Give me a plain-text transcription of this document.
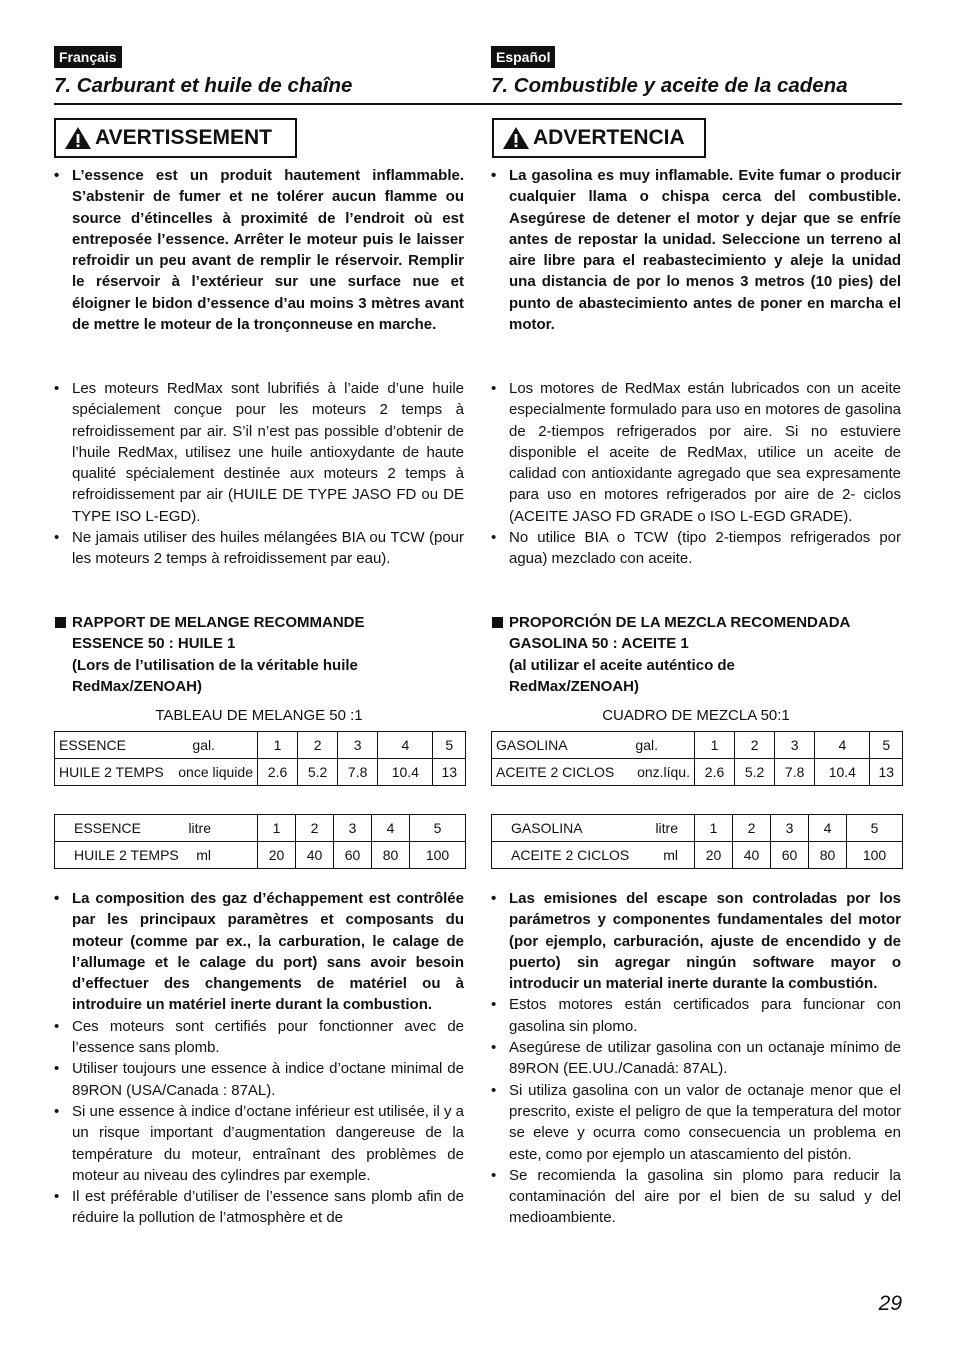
Français
7. Carburant et huile de chaîne
Español
7. Combustible y aceite de la cadena
AVERTISSEMENT	ADVERTENCIA
• L’essence est un produit hautement inflammable. S’abstenir de fumer et ne tolérer aucun flamme ou source d’étincelles à proximité de l’endroit où est entreposée l’essence. Arrêter le moteur puis le laisser refroidir un peu avant de remplir le réservoir. Remplir le réservoir à l’extérieur sur une surface nue et éloigner le bidon d’essence d’au moins 3 mètres avant de mettre le moteur de la tronçonneuse en marche.
• La gasolina es muy inflamable. Evite fumar o producir cualquier llama o chispa cerca del combustible. Asegúrese de detener el motor y dejar que se enfríe antes de repostar la unidad. Seleccione un terreno al aire libre para el reabastecimiento y aleje la unidad una distancia de por lo menos 3 metros (10 pies) del punto de abastecimiento antes de poner en marcha el motor.
• Les moteurs RedMax sont lubrifiés à l’aide d’une huile spécialement conçue pour les moteurs 2 temps à refroidissement par air. S’il n’est pas possible d’obtenir de l’huile RedMax, utilisez une huile antioxydante de haute qualité spécialement destinée aux moteurs 2 temps à refroidissement par air (HUILE DE TYPE JASO FD ou DE TYPE ISO L-EGD).
• Ne jamais utiliser des huiles mélangées BIA ou TCW (pour les moteurs 2 temps à refroidissement par eau).
• Los motores de RedMax están lubricados con un aceite especialmente formulado para uso en motores de gasolina de 2-tiempos refrigerados por aire. Si no estuviere disponible el aceite de RedMax, utilice un aceite de calidad con antioxidante agregado que sea expresamente para uso en motores refrigerados por aire de 2- ciclos (ACEITE JASO FD GRADE o ISO L-EGD GRADE).
• No utilice BIA o TCW (tipo 2-tiempos refrigerados por agua) mezclado con aceite.
RAPPORT DE MELANGE RECOMMANDE
ESSENCE 50 : HUILE 1
(Lors de l’utilisation de la véritable huile
RedMax/ZENOAH)
PROPORCIÓN DE LA MEZCLA RECOMENDADA
GASOLINA 50 : ACEITE 1
(al utilizar el aceite auténtico de
RedMax/ZENOAH)
TABLEAU DE MELANGE 50 :1	CUADRO DE MEZCLA 50:1
ESSENCE gal.	1	2	3	4	5
HUILE 2 TEMPS once liquide	2.6	5.2	7.8	10.4	13
ESSENCE litre	1	2	3	4	5
HUILE 2 TEMPS ml	20	40	60	80	100
GASOLINA gal.	1	2	3	4	5
ACEITE 2 CICLOS onz.líqu.	2.6	5.2	7.8	10.4	13
GASOLINA litre	1	2	3	4	5
ACEITE 2 CICLOS ml	20	40	60	80	100
• La composition des gaz d’échappement est contrôlée par les principaux paramètres et composants du moteur (comme par ex., la carburation, le calage de l’allumage et le calage du port) sans avoir besoin d’effectuer des changements de matériel ou à introduire un matériel inerte durant la combustion.
• Ces moteurs sont certifiés pour fonctionner avec de l’essence sans plomb.
• Utiliser toujours une essence à indice d’octane minimal de 89RON (USA/Canada : 87AL).
• Si une essence à indice d’octane inférieur est utilisée, il y a un risque important d’augmentation dangereuse de la température du moteur, entraînant des problèmes de moteur au niveau des cylindres par exemple.
• Il est préférable d’utiliser de l’essence sans plomb afin de réduire la pollution de l’atmosphère et de
• Las emisiones del escape son controladas por los parámetros y componentes fundamentales del motor (por ejemplo, carburación, ajuste de encendido y de puerto) sin agregar ningún software mayor o introducir un material inerte durante la combustión.
• Estos motores están certificados para funcionar con gasolina sin plomo.
• Asegúrese de utilizar gasolina con un octanaje mínimo de 89RON (EE.UU./Canadá: 87AL).
• Si utiliza gasolina con un valor de octanaje menor que el prescrito, existe el peligro de que la temperatura del motor se eleve y ocurra como consecuencia un problema en este, como por ejemplo un atascamiento del pistón.
• Se recomienda la gasolina sin plomo para reducir la contaminación del aire por el bien de su salud y del medioambiente.
29
